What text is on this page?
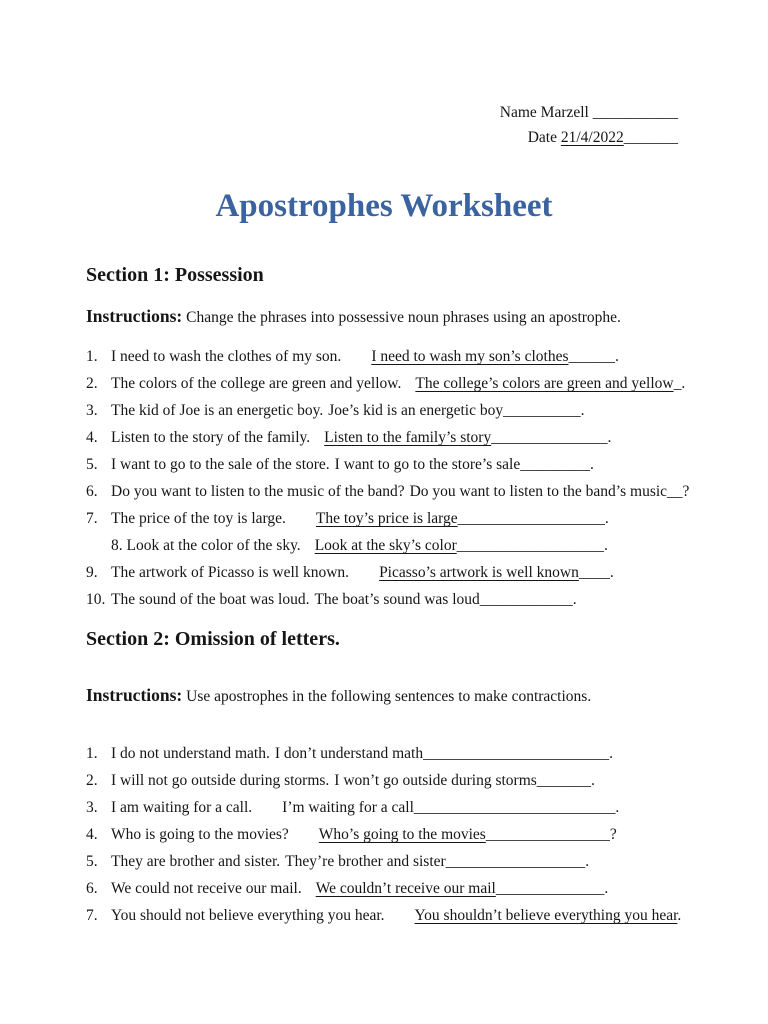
Name Marzell ___________
Date 21/4/2022_______
Apostrophes Worksheet
Section 1: Possession
Instructions: Change the phrases into possessive noun phrases using an apostrophe.
1. I need to wash the clothes of my son. I need to wash my son’s clothes______.
2. The colors of the college are green and yellow. The college’s colors are green and yellow_.
3. The kid of Joe is an energetic boy. Joe’s kid is an energetic boy__________.
4. Listen to the story of the family. Listen to the family’s story_______________.
5. I want to go to the sale of the store. I want to go to the store’s sale_________.
6. Do you want to listen to the music of the band? Do you want to listen to the band’s music__?
7. The price of the toy is large. The toy’s price is large___________________.
8. Look at the color of the sky. Look at the sky’s color___________________.
9. The artwork of Picasso is well known. Picasso’s artwork is well known____.
10. The sound of the boat was loud. The boat’s sound was loud____________.
Section 2: Omission of letters.
Instructions: Use apostrophes in the following sentences to make contractions.
1. I do not understand math. I don’t understand math________________________.
2. I will not go outside during storms. I won’t go outside during storms_______.
3. I am waiting for a call. I’m waiting for a call__________________________.
4. Who is going to the movies? Who’s going to the movies________________?
5. They are brother and sister. They’re brother and sister__________________.
6. We could not receive our mail. We couldn’t receive our mail______________.
7. You should not believe everything you hear. You shouldn’t believe everything you hear.
